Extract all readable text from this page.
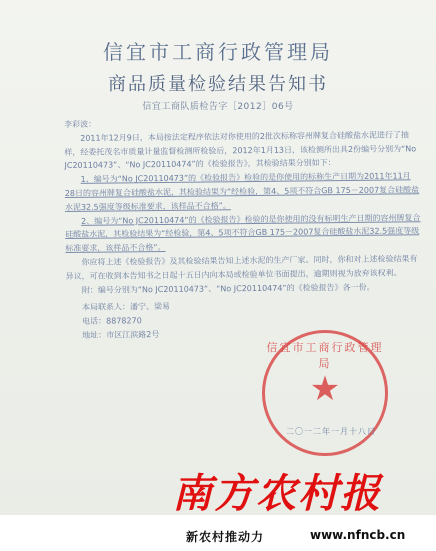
信宜市工商行政管理局
商品质量检验结果告知书
信宜工商队质检告字［2012］06号

李彩波：

2011年12月9日，本局按法定程序依法对你使用的2批次标称容州牌复合硅酸盐水泥进行了抽样，经委托茂名市质量计量监督检测所检验后，2012年1月13日，该检测所出具2份编号分别为“No JC20110473”、“No JC20110474”的《检验报告》，其检验结果分别如下：

1、编号为“No JC20110473”的《检验报告》检验的是你使用的标称生产日期为2011年11月28日的容州牌复合硅酸盐水泥，其检验结果为“经检验，第4、5项不符合GB 175－2007复合硅酸盐水泥32.5强度等级标准要求，该样品不合格”。

2、编号为“No JC20110474”的《检验报告》检验的是你使用的没有标明生产日期的容州牌复合硅酸盐水泥，其检验结果为“经检验，第4、5项不符合GB 175－2007复合硅酸盐水泥32.5强度等级标准要求，该样品不合格”。

你应将上述《检验报告》及其检验结果告知上述水泥的生产厂家。同时，你和对上述检验结果有异议，可在收到本告知书之日起十五日内向本局或检验单位书面提出，逾期则视为放弃该权利。

附：编号分别为“No JC20110473”、“No JC20110474”的《检验报告》各一份。

本局联系人：潘宁、梁易

电话：8878270

地址：市区江滨路2号

信宜市工商行政管理局
★
二〇一二年一月十八日
南方农村报
新农村推动力	www.nfncb.cn
